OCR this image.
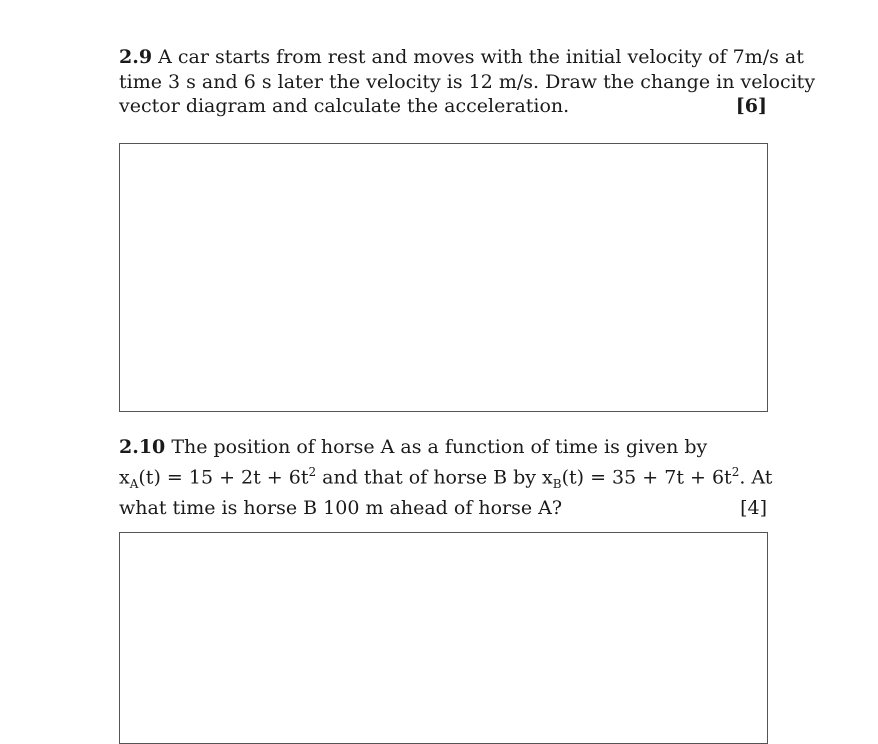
2.9 A car starts from rest and moves with the initial velocity of 7m/s at
time 3 s and 6 s later the velocity is 12 m/s. Draw the change in velocity
vector diagram and calculate the acceleration.	[6]
2.10 The position of horse A as a function of time is given by
$x_A(t) = 15 + 2t + 6t^2$ and that of horse B by $x_B(t) = 35 + 7t + 6t^2$. At
what time is horse B 100 m ahead of horse A?	[4]
